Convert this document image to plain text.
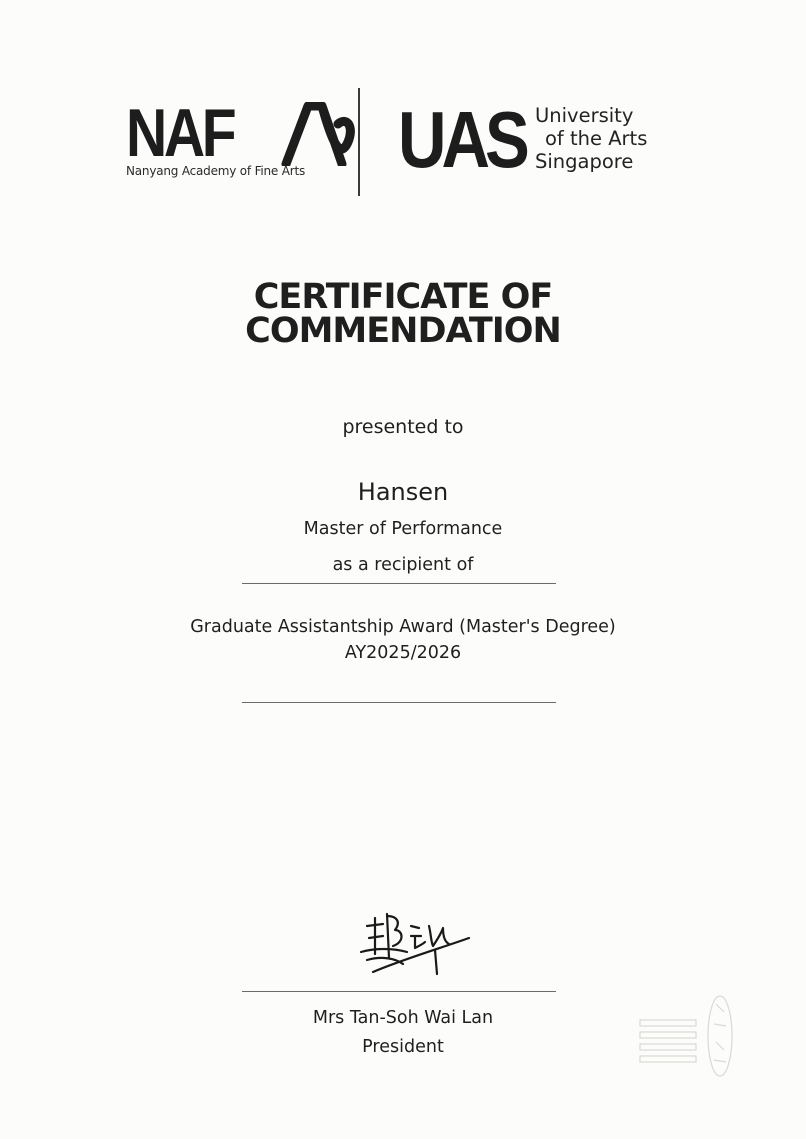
NAF
Nanyang Academy of Fine Arts UAS University
of the Arts
Singapore
CERTIFICATE OF
COMMENDATION
presented to
Hansen
Master of Performance
as a recipient of
Graduate Assistantship Award (Master's Degree)
AY2025/2026
Mrs Tan-Soh Wai Lan
President
